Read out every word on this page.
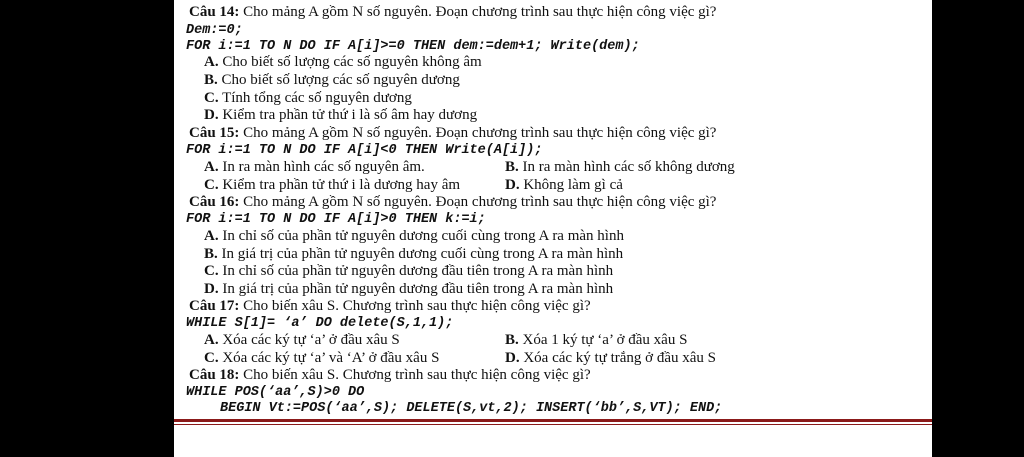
Câu 14: Cho mảng A gồm N số nguyên. Đoạn chương trình sau thực hiện công việc gì?
Dem:=0;
FOR i:=1 TO N DO IF A[i]>=0 THEN dem:=dem+1; Write(dem);
A. Cho biết số lượng các số nguyên không âm
B. Cho biết số lượng các số nguyên dương
C. Tính tổng các số nguyên dương
D. Kiểm tra phần tử thứ i là số âm hay dương
Câu 15: Cho mảng A gồm N số nguyên. Đoạn chương trình sau thực hiện công việc gì?
FOR i:=1 TO N DO IF A[i]<0 THEN Write(A[i]);
A. In ra màn hình các số nguyên âm.	B. In ra màn hình các số không dương
C. Kiểm tra phần tử thứ i là dương hay âm	D. Không làm gì cả
Câu 16: Cho mảng A gồm N số nguyên. Đoạn chương trình sau thực hiện công việc gì?
FOR i:=1 TO N DO IF A[i]>0 THEN k:=i;
A. In chỉ số của phần tử nguyên dương cuối cùng trong A ra màn hình
B. In giá trị của phần tử nguyên dương cuối cùng trong A ra màn hình
C. In chỉ số của phần tử nguyên dương đầu tiên trong A ra màn hình
D. In giá trị của phần tử nguyên dương đầu tiên trong A ra màn hình
Câu 17: Cho biến xâu S. Chương trình sau thực hiện công việc gì?
WHILE S[1]= ‘a’ DO delete(S,1,1);
A. Xóa các ký tự ‘a’ ở đầu xâu S	B. Xóa 1 ký tự ‘a’ ở đầu xâu S
C. Xóa các ký tự ‘a’ và ‘A’ ở đầu xâu S	D. Xóa các ký tự trắng ở đầu xâu S
Câu 18: Cho biến xâu S. Chương trình sau thực hiện công việc gì?
WHILE POS(‘aa’,S)>0 DO
BEGIN Vt:=POS(‘aa’,S); DELETE(S,vt,2); INSERT(‘bb’,S,VT); END;
